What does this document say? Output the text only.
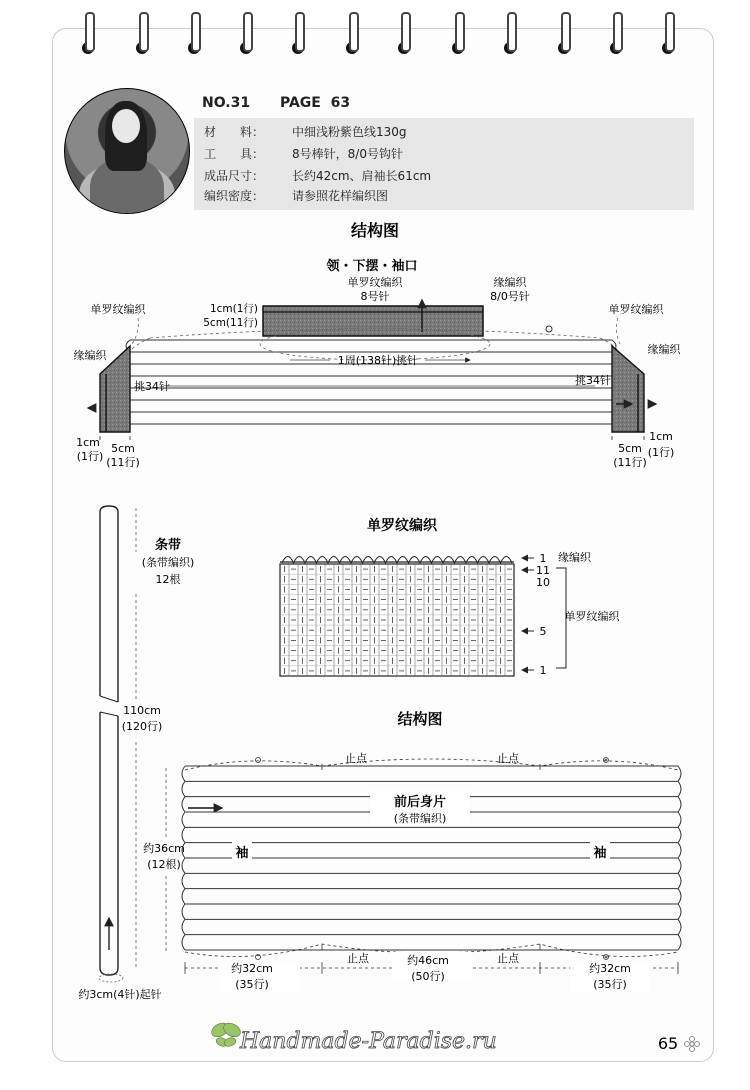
NO.31 PAGE  63
材　　料： 中细浅粉紫色线130g
工　　具： 8号棒针，8/0号钩针
成品尺寸： 长约42cm、肩袖长61cm
编织密度： 请参照花样编织图
结构图
领・下摆・袖口
单罗纹编织
8号针
缘编织
8/0号针
1cm(1行)
5cm(11行)
1周(138针)挑针
单罗纹编织
缘编织
挑34针
单罗纹编织
缘编织
挑34针
1cm
(1行)
5cm
(11行)
5cm
(11行)
1cm
(1行)
条带
(条带编织)
12根
110cm
(120行)
约36cm
(12根)
约3cm(4针)起针
单罗纹编织
1
11
10
5
1
缘编织
单罗纹编织
结构图
止点	止点
止点	止点
前后身片
(条带编织)
袖	袖
约32cm
(35行)
约46cm
(50行)
约32cm
(35行)
Handmade-Paradise.ru	65
